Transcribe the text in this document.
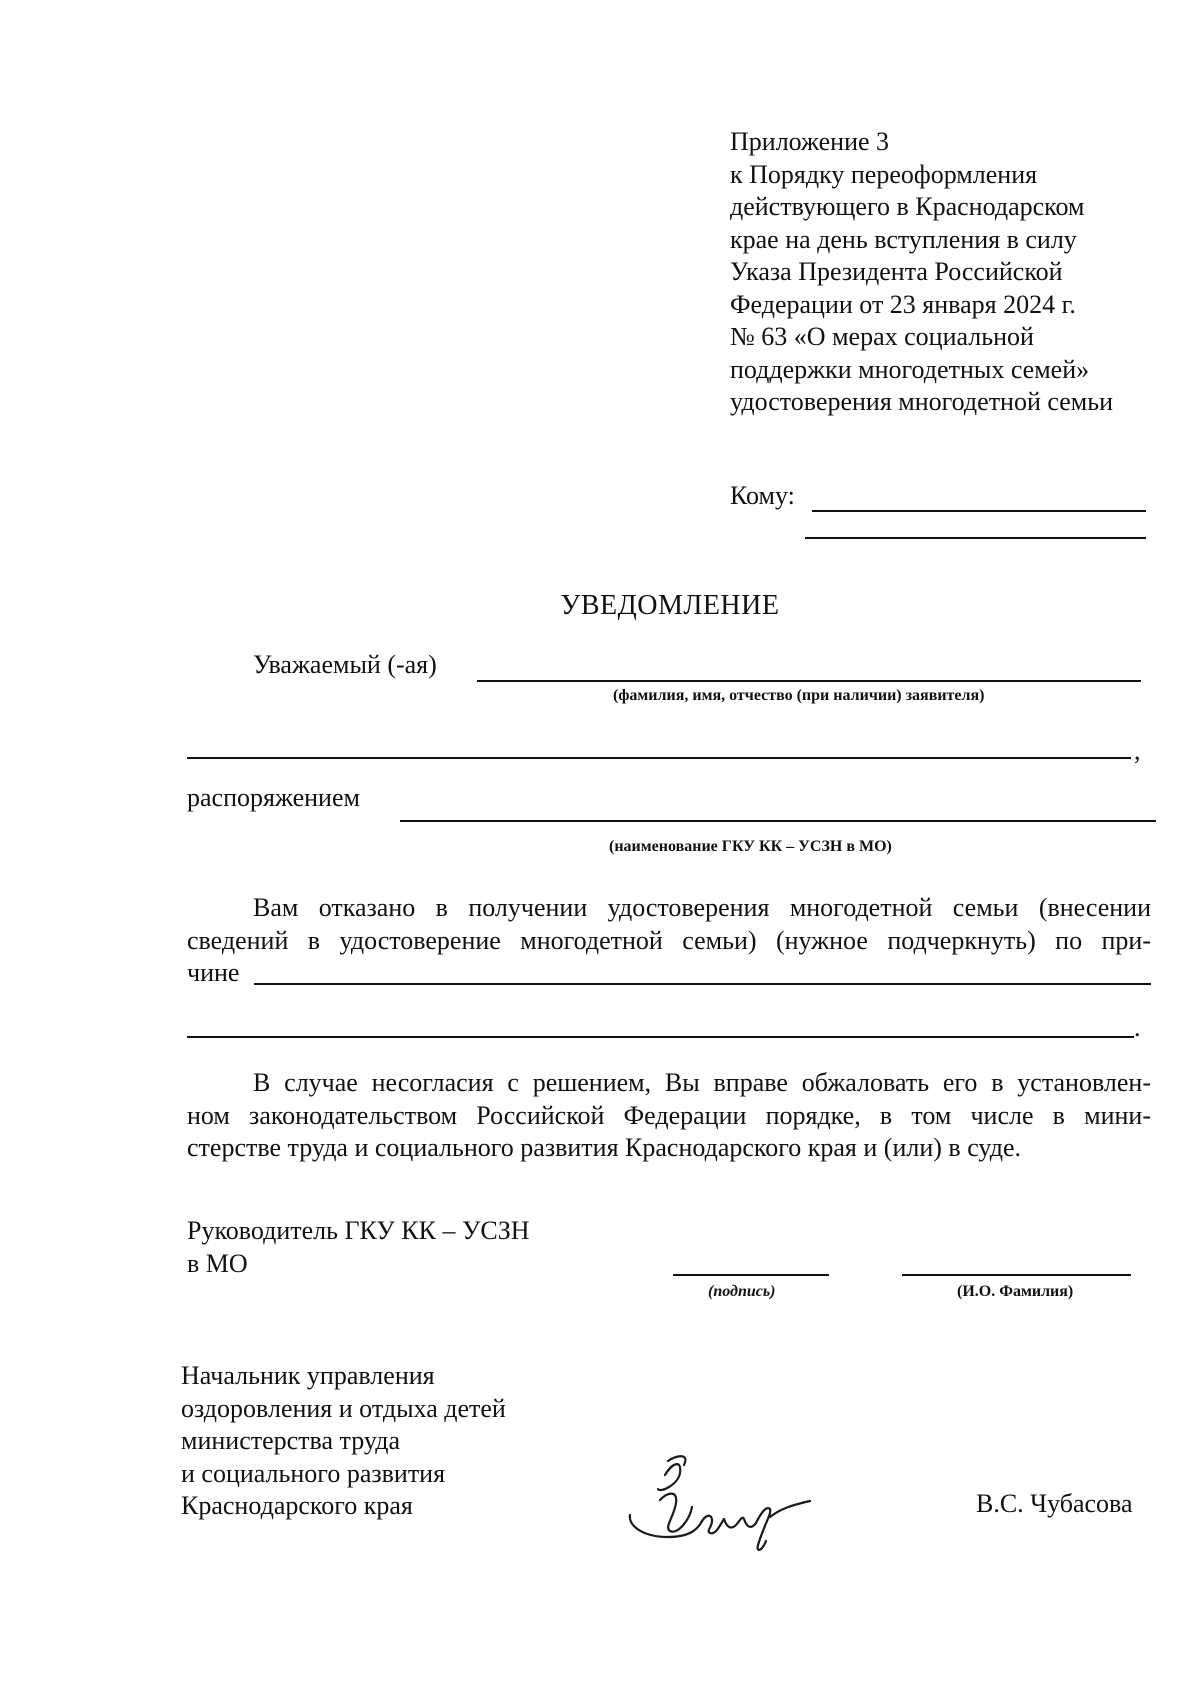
Приложение 3
к Порядку переоформления
действующего в Краснодарском
крае на день вступления в силу
Указа Президента Российской
Федерации от 23 января 2024 г.
№ 63 «О мерах социальной
поддержки многодетных семей»
удостоверения многодетной семьи
Кому:
УВЕДОМЛЕНИЕ
Уважаемый (-ая)
(фамилия, имя, отчество (при наличии) заявителя)
,
распоряжением
(наименование ГКУ КК – УСЗН в МО)
Вам отказано в получении удостоверения многодетной семьи (внесении
сведений в удостоверение многодетной семьи) (нужное подчеркнуть) по при-
чине
.
В случае несогласия с решением, Вы вправе обжаловать его в установлен-
ном законодательством Российской Федерации порядке, в том числе в мини-
стерстве труда и социального развития Краснодарского края и (или) в суде.
Руководитель ГКУ КК – УСЗН
в МО
(подпись)	(И.О. Фамилия)
Начальник управления
оздоровления и отдыха детей
министерства труда
и социального развития
Краснодарского края	В.С. Чубасова
